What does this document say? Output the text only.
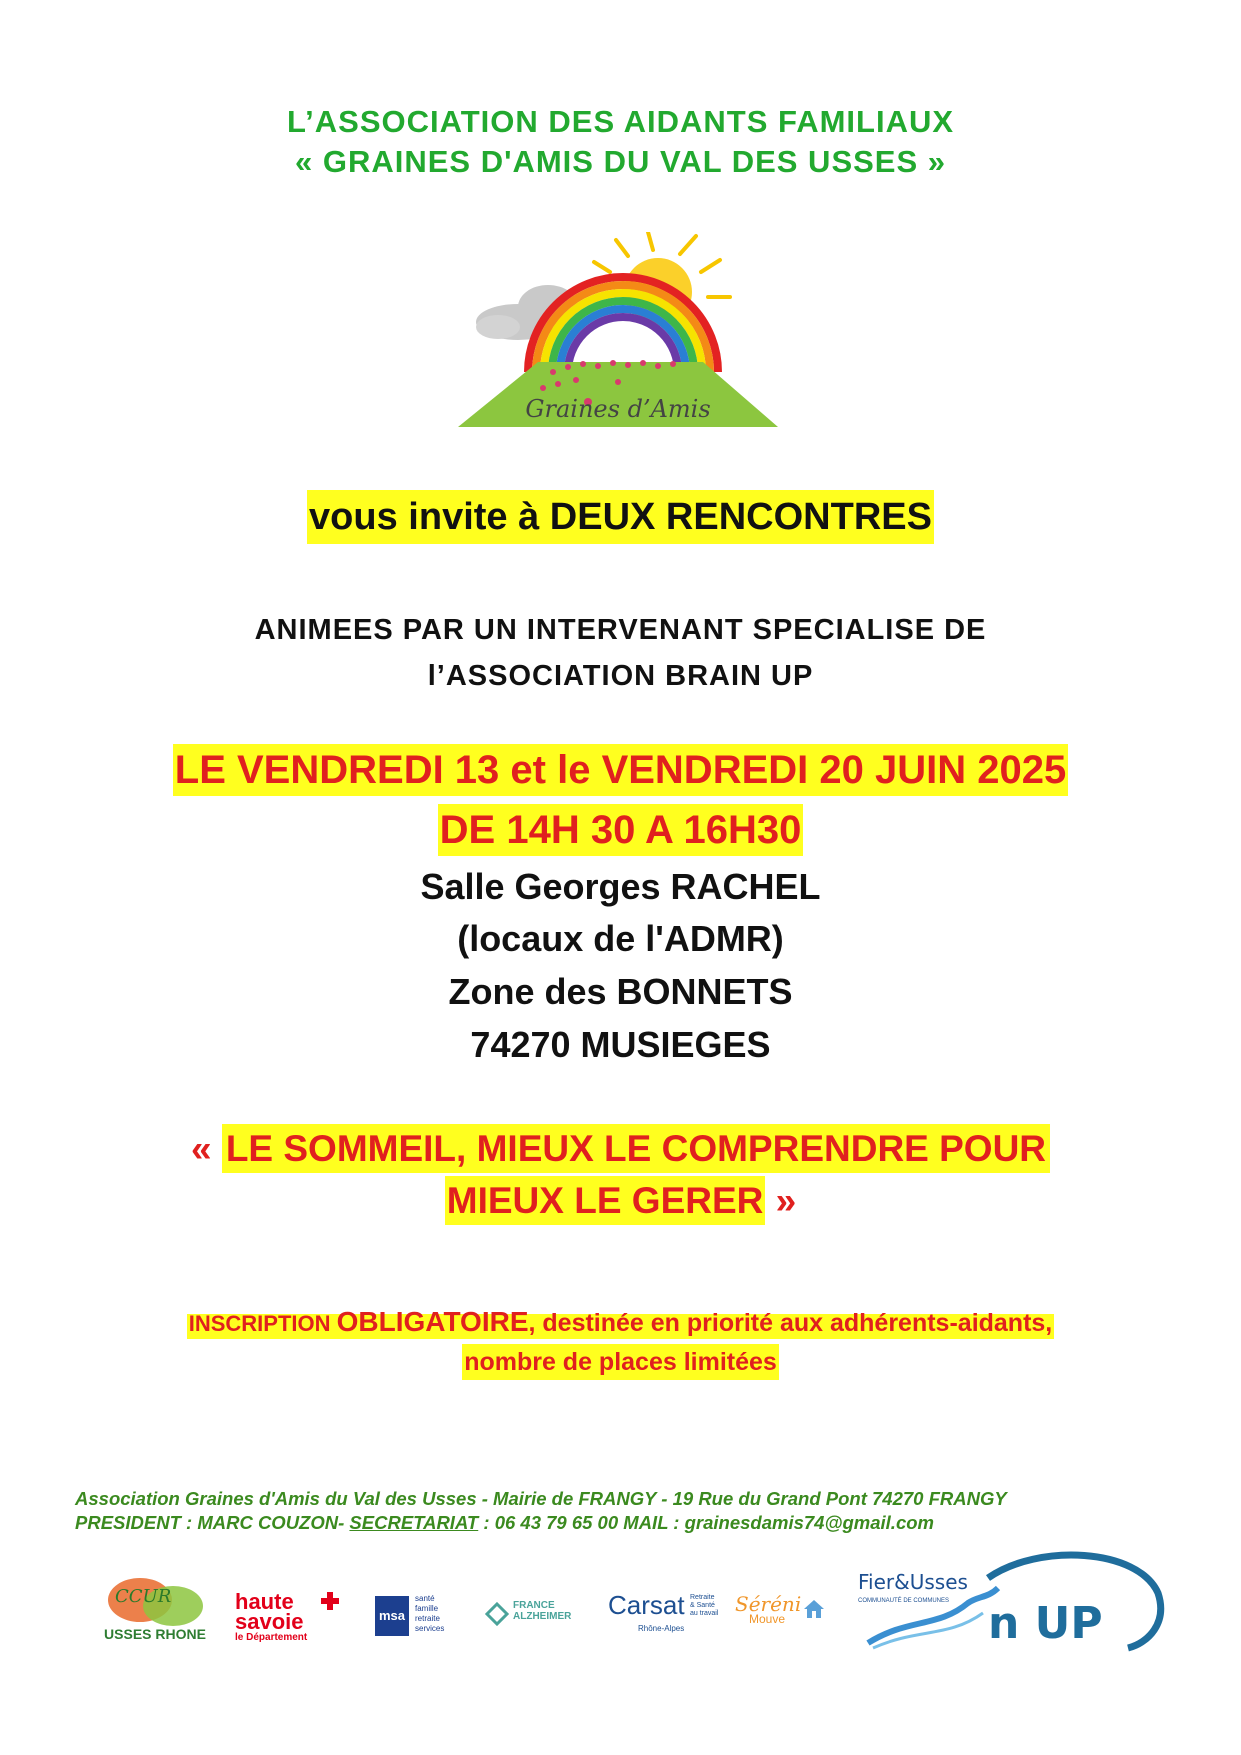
L’ASSOCIATION DES AIDANTS FAMILIAUX
« GRAINES D'AMIS DU VAL DES USSES »
Graines d’Amis
vous invite à DEUX RENCONTRES
ANIMEES PAR UN INTERVENANT SPECIALISE DE
l’ASSOCIATION BRAIN UP
LE VENDREDI 13 et le VENDREDI 20 JUIN 2025
DE 14H 30 A 16H30
Salle Georges RACHEL
(locaux de l'ADMR)
Zone des BONNETS
74270 MUSIEGES
« LE SOMMEIL, MIEUX LE COMPRENDRE POUR
MIEUX LE GERER »
INSCRIPTION OBLIGATOIRE, destinée en priorité aux adhérents-aidants,
nombre de places limitées
Association Graines d'Amis du Val des Usses - Mairie de FRANGY - 19 Rue du Grand Pont 74270 FRANGY
PRESIDENT : MARC COUZON- SECRETARIAT : 06 43 79 65 00 MAIL : grainesdamis74@gmail.com
CCUR
USSES RHONE
haute
savoie
le Département
msa
santé
famille
retraite
services
FRANCE
ALZHEIMER Carsat Retraite
& Santé
au travail
Rhône-Alpes
Séréni
Mouve
Fier&Usses
COMMUNAUTÉ DE COMMUNES n UP
